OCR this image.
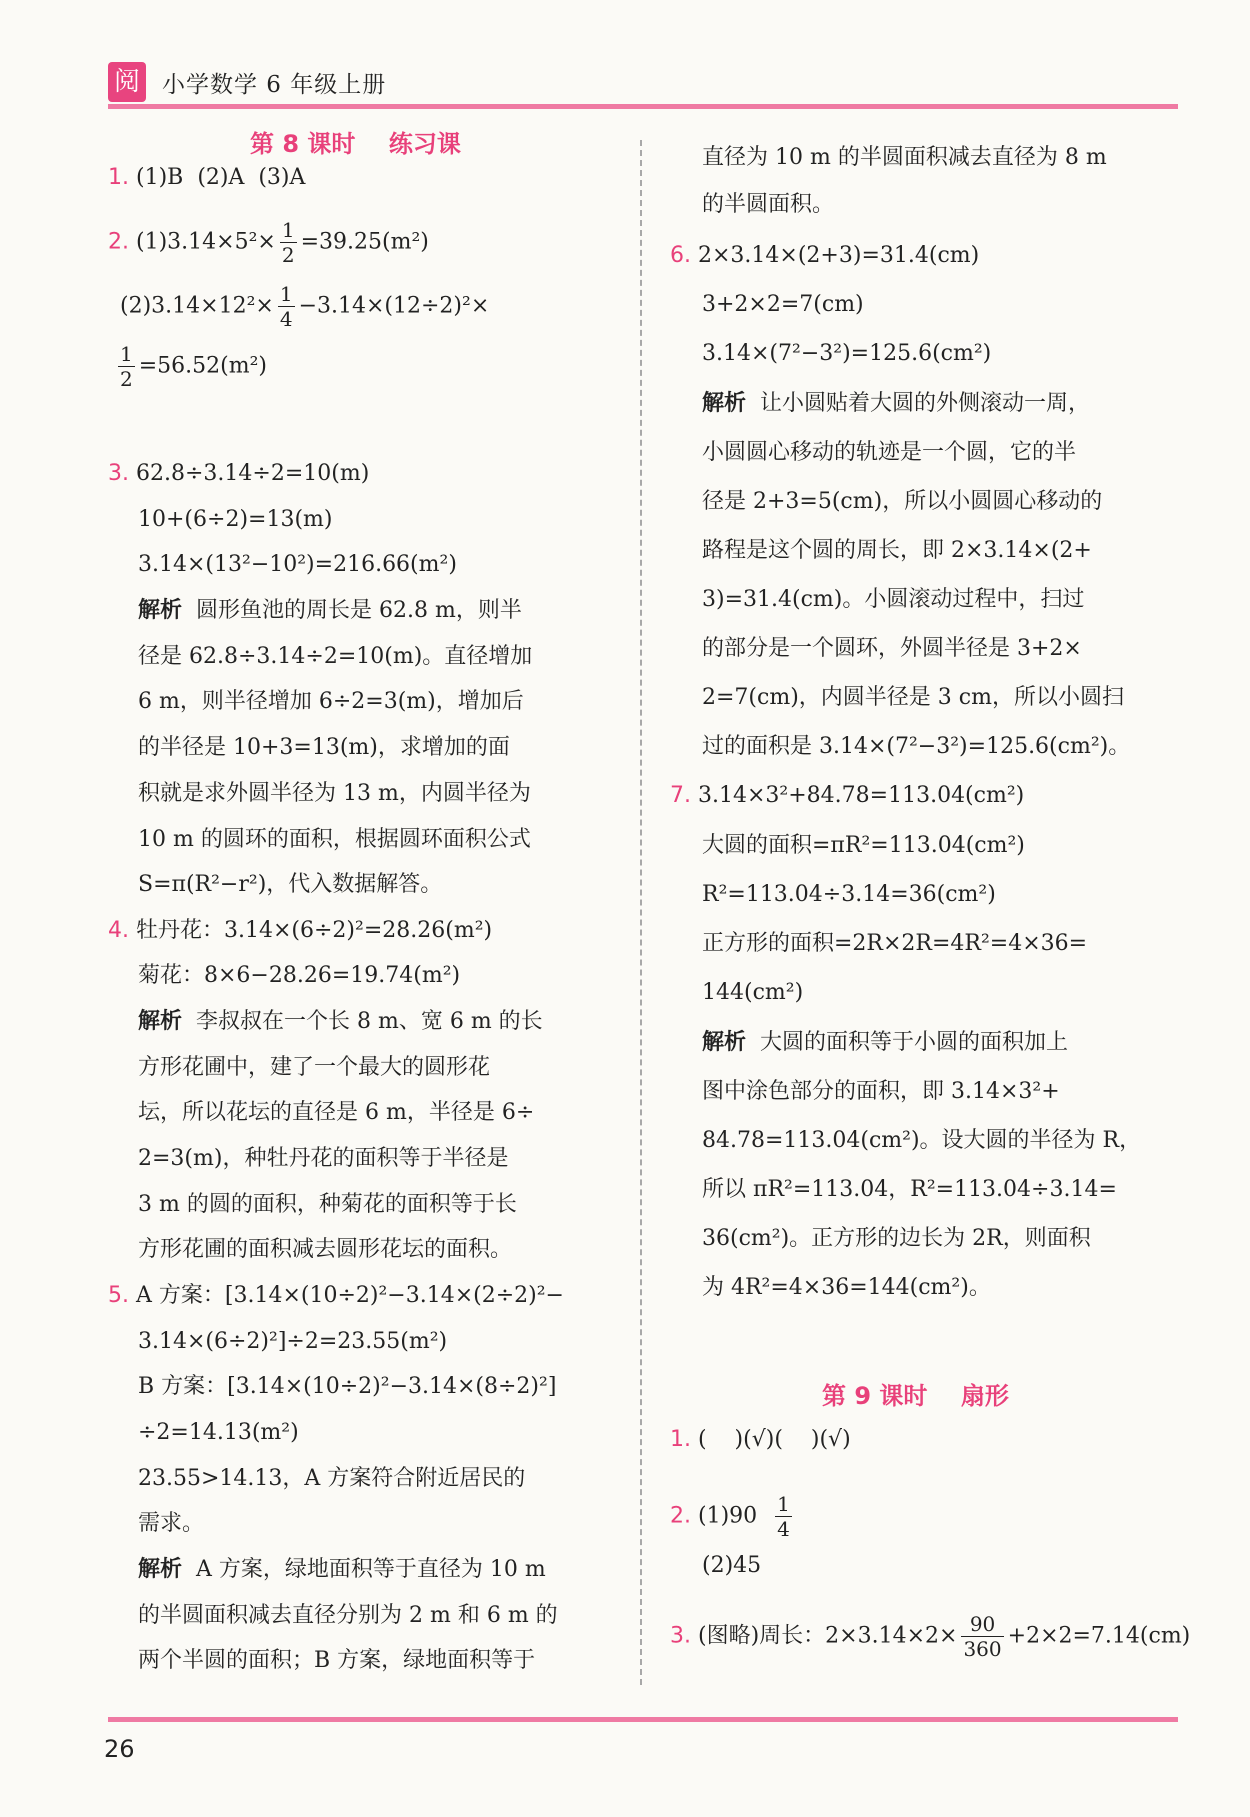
阅 小学数学 6 年级上册
第 8 课时    练习课
1. (1)B  (2)A  (3)A
2. $(1)3.14\times 5^2\times \frac{1}{2} =39.25(m^2)$
$(2)3.14\times 12^2\times \frac{1}{4} -3.14\times(12\div 2)^2\times$
$\frac{1}{2} =56.52(m^2)$
3. 62.8÷3.14÷2=10(m)
10+(6÷2)=13(m)
3.14×(13²−10²)=216.66(m²)
解析  圆形鱼池的周长是 62.8 m，则半
径是 62.8÷3.14÷2=10(m)。直径增加
6 m，则半径增加 6÷2=3(m)，增加后
的半径是 10+3=13(m)，求增加的面
积就是求外圆半径为 13 m，内圆半径为
10 m 的圆环的面积，根据圆环面积公式
S=π(R²−r²)，代入数据解答。
4. 牡丹花：3.14×(6÷2)²=28.26(m²)
菊花：8×6−28.26=19.74(m²)
解析  李叔叔在一个长 8 m、宽 6 m 的长
方形花圃中，建了一个最大的圆形花
坛，所以花坛的直径是 6 m，半径是 6÷
2=3(m)，种牡丹花的面积等于半径是
3 m 的圆的面积，种菊花的面积等于长
方形花圃的面积减去圆形花坛的面积。
5. A 方案：[3.14×(10÷2)²−3.14×(2÷2)²−
3.14×(6÷2)²]÷2=23.55(m²)
B 方案：[3.14×(10÷2)²−3.14×(8÷2)²]
÷2=14.13(m²)
23.55>14.13，A 方案符合附近居民的
需求。
解析  A 方案，绿地面积等于直径为 10 m
的半圆面积减去直径分别为 2 m 和 6 m 的
两个半圆的面积；B 方案，绿地面积等于
直径为 10 m 的半圆面积减去直径为 8 m
的半圆面积。
6. 2×3.14×(2+3)=31.4(cm)
3+2×2=7(cm)
3.14×(7²−3²)=125.6(cm²)
解析  让小圆贴着大圆的外侧滚动一周，
小圆圆心移动的轨迹是一个圆，它的半
径是 2+3=5(cm)，所以小圆圆心移动的
路程是这个圆的周长，即 2×3.14×(2+
3)=31.4(cm)。小圆滚动过程中，扫过
的部分是一个圆环，外圆半径是 3+2×
2=7(cm)，内圆半径是 3 cm，所以小圆扫
过的面积是 3.14×(7²−3²)=125.6(cm²)。
7. 3.14×3²+84.78=113.04(cm²)
大圆的面积=πR²=113.04(cm²)
R²=113.04÷3.14=36(cm²)
正方形的面积=2R×2R=4R²=4×36=
144(cm²)
解析  大圆的面积等于小圆的面积加上
图中涂色部分的面积，即 3.14×3²+
84.78=113.04(cm²)。设大圆的半径为 R，
所以 πR²=113.04，R²=113.04÷3.14=
36(cm²)。正方形的边长为 2R，则面积
为 4R²=4×36=144(cm²)。
第 9 课时    扇形
1. (    )(√)(    )(√)
2. $(1)90 \frac{1}{4}$
(2)45
3. (图略)周长：$2\times 3.14\times 2\times \frac{90}{360} +2\times 2=7.14(cm)$
26
